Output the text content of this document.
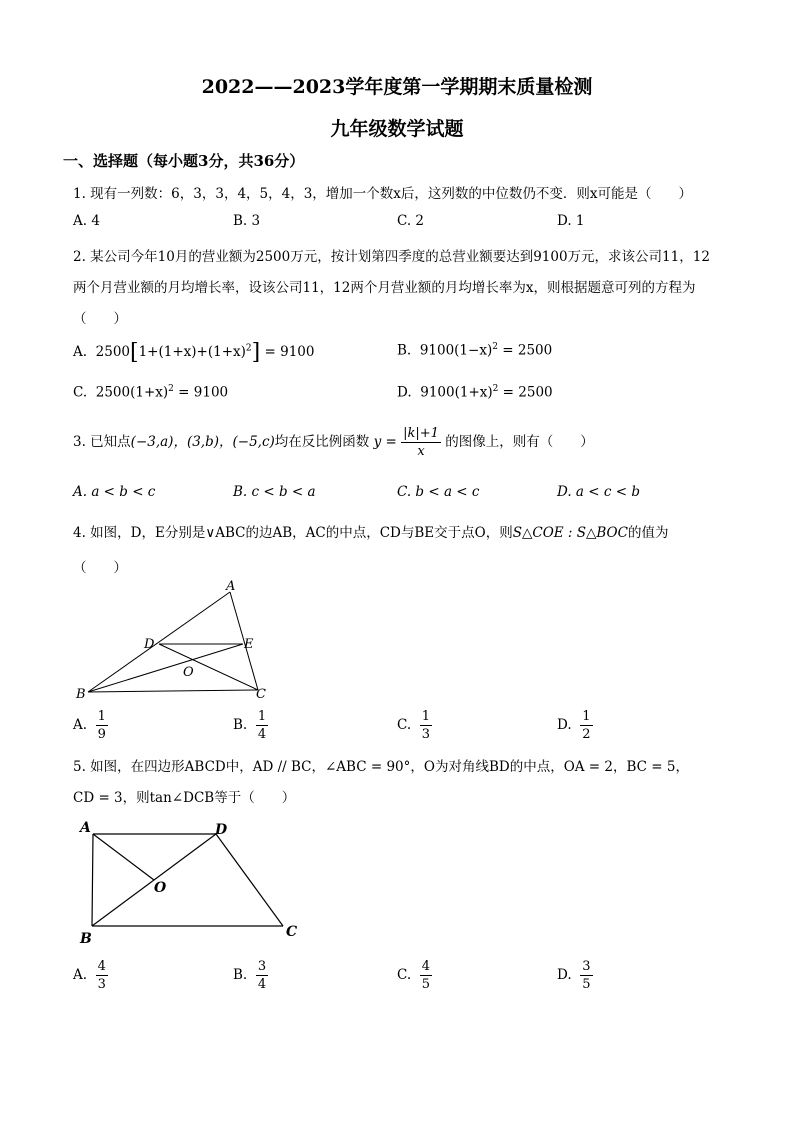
2022——2023学年度第一学期期末质量检测
九年级数学试题
一、选择题（每小题3分，共36分）
1. 现有一列数：6，3，3，4，5，4，3，增加一个数x后，这列数的中位数仍不变．则x可能是（　　）
A. 4	B. 3	C. 2	D. 1
2. 某公司今年10月的营业额为2500万元，按计划第四季度的总营业额要达到9100万元，求该公司11，12
两个月营业额的月均增长率，设该公司11，12两个月营业额的月均增长率为x，则根据题意可列的方程为
（　　）
A. $2500[1+(1+x)+(1+x)^2] = 9100$	B. $9100(1-x)^2 = 2500$
C. $2500(1+x)^2 = 9100$	D. $9100(1+x)^2 = 2500$
3. 已知点(−3,a)，(3,b)，(−5,c)均在反比例函数 $y = \frac{|k|+1}{x}$ 的图像上，则有（　　）
A. a < b < c	B. c < b < a	C. b < a < c	D. a < c < b
4. 如图，D，E分别是∨ABC的边AB，AC的中点，CD与BE交于点O，则S△COE : S△BOC的值为
（　　）
A
B	C
D	E
O
A. $\frac{1}{9}$	B. $\frac{1}{4}$	C. $\frac{1}{3}$	D. $\frac{1}{2}$
5. 如图，在四边形ABCD中，AD // BC，∠ABC = 90°，O为对角线BD的中点，OA = 2，BC = 5，
CD = 3，则tan∠DCB等于（　　）
A	D
O
B	C
A. $\frac{4}{3}$	B. $\frac{3}{4}$	C. $\frac{4}{5}$	D. $\frac{3}{5}$
